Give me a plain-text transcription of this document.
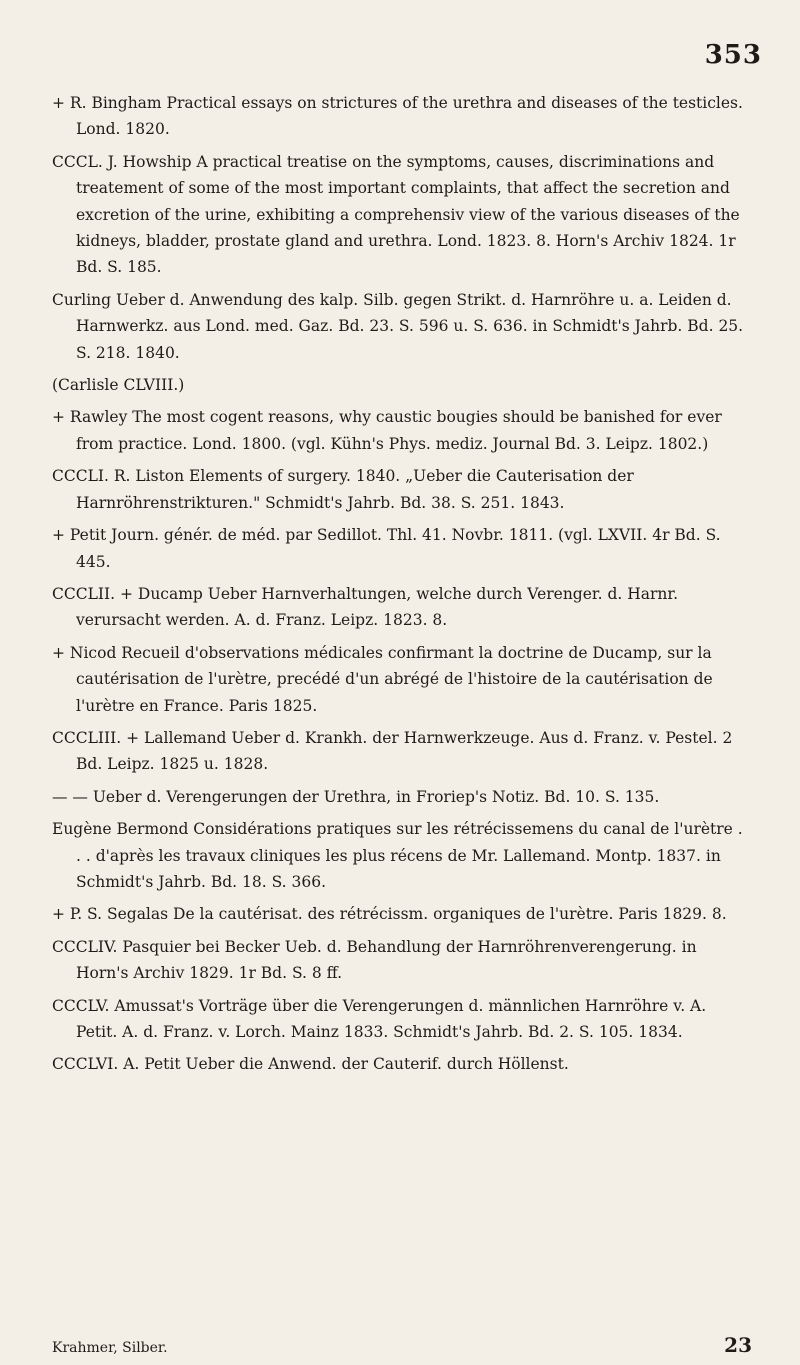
353

+ R. Bingham Practical essays on strictures of the urethra and diseases of the testicles. Lond. 1820.

CCCL. J. Howship A practical treatise on the symptoms, causes, discriminations and treatement of some of the most important complaints, that affect the secretion and excretion of the urine, exhibiting a comprehensiv view of the various diseases of the kidneys, bladder, prostate gland and urethra. Lond. 1823. 8. Horn's Archiv 1824. 1r Bd. S. 185.

Curling Ueber d. Anwendung des kalp. Silb. gegen Strikt. d. Harnröhre u. a. Leiden d. Harnwerkz. aus Lond. med. Gaz. Bd. 23. S. 596 u. S. 636. in Schmidt's Jahrb. Bd. 25. S. 218. 1840.

(Carlisle CLVIII.)

+ Rawley The most cogent reasons, why caustic bougies should be banished for ever from practice. Lond. 1800. (vgl. Kühn's Phys. mediz. Journal Bd. 3. Leipz. 1802.)

CCCLI. R. Liston Elements of surgery. 1840. „Ueber die Cauterisation der Harnröhrenstrikturen." Schmidt's Jahrb. Bd. 38. S. 251. 1843.

+ Petit Journ. génér. de méd. par Sedillot. Thl. 41. Novbr. 1811. (vgl. LXVII. 4r Bd. S. 445.

CCCLII. + Ducamp Ueber Harnverhaltungen, welche durch Verenger. d. Harnr. verursacht werden. A. d. Franz. Leipz. 1823. 8.

+ Nicod Recueil d'observations médicales confirmant la doctrine de Ducamp, sur la cautérisation de l'urètre, precédé d'un abrégé de l'histoire de la cautérisation de l'urètre en France. Paris 1825.

CCCLIII. + Lallemand Ueber d. Krankh. der Harnwerkzeuge. Aus d. Franz. v. Pestel. 2 Bd. Leipz. 1825 u. 1828.

— — Ueber d. Verengerungen der Urethra, in Froriep's Notiz. Bd. 10. S. 135.

Eugène Bermond Considérations pratiques sur les rétrécissemens du canal de l'urètre . . . d'après les travaux cliniques les plus récens de Mr. Lallemand. Montp. 1837. in Schmidt's Jahrb. Bd. 18. S. 366.

+ P. S. Segalas De la cautérisat. des rétrécissm. organiques de l'urètre. Paris 1829. 8.

CCCLIV. Pasquier bei Becker Ueb. d. Behandlung der Harnröhrenverengerung. in Horn's Archiv 1829. 1r Bd. S. 8 ff.

CCCLV. Amussat's Vorträge über die Verengerungen d. männlichen Harnröhre v. A. Petit. A. d. Franz. v. Lorch. Mainz 1833. Schmidt's Jahrb. Bd. 2. S. 105. 1834.

CCCLVI. A. Petit Ueber die Anwend. der Cauterif. durch Höllenst.

Krahmer, Silber.	23
